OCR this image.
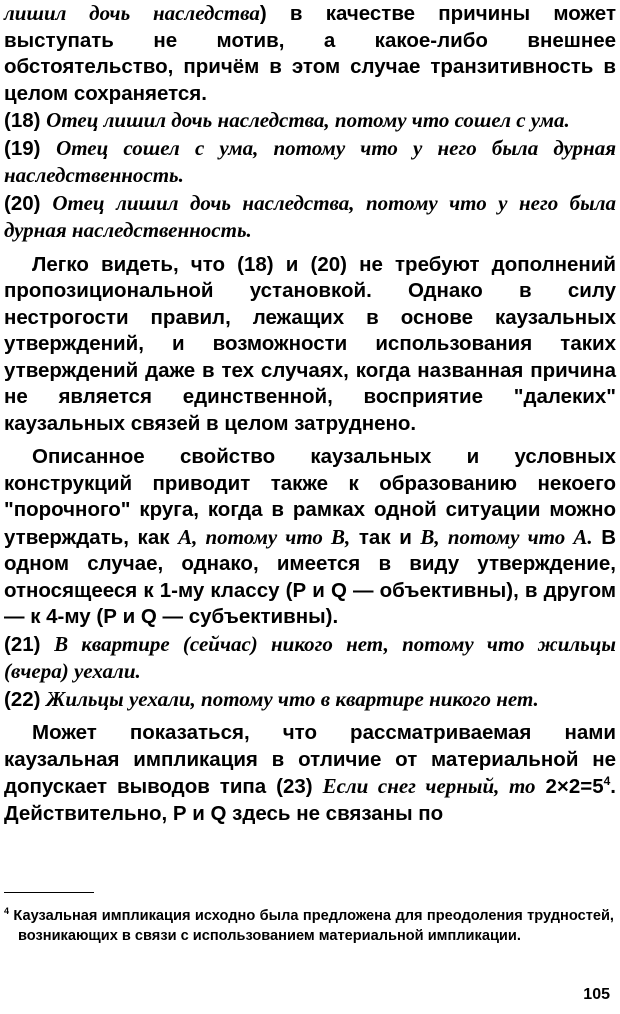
лишил дочь наследства) в качестве причины может выступать не мотив, а какое-либо внешнее обстоятельство, причём в этом случае транзитивность в целом сохраняется.

(18) Отец лишил дочь наследства, потому что сошел с ума.

(19) Отец сошел с ума, потому что у него была дурная наследственность.

(20) Отец лишил дочь наследства, потому что у него была дурная наследственность.

Легко видеть, что (18) и (20) не требуют дополнений пропозициональной установкой. Однако в силу нестрогости правил, лежащих в основе каузальных утверждений, и возможности использования таких утверждений даже в тех случаях, когда названная причина не является единственной, восприятие "далеких" каузальных связей в целом затруднено.

Описанное свойство каузальных и условных конструкций приводит также к образованию некоего "порочного" круга, когда в рамках одной ситуации можно утверждать, как А, потому что В, так и В, потому что А. В одном случае, однако, имеется в виду утверждение, относящееся к 1-му классу (Р и Q — объективны), в другом — к 4-му (Р и Q — субъективны).

(21) В квартире (сейчас) никого нет, потому что жильцы (вчера) уехали.

(22) Жильцы уехали, потому что в квартире никого нет.

Может показаться, что рассматриваемая нами каузальная импликация в отличие от материальной не допускает выводов типа (23) Если снег черный, то $2\times 2=5^4$. Действительно, Р и Q здесь не связаны по

$^4$ Каузальная импликация исходно была предложена для преодоления трудностей, возникающих в связи с использованием материальной импликации.
105
